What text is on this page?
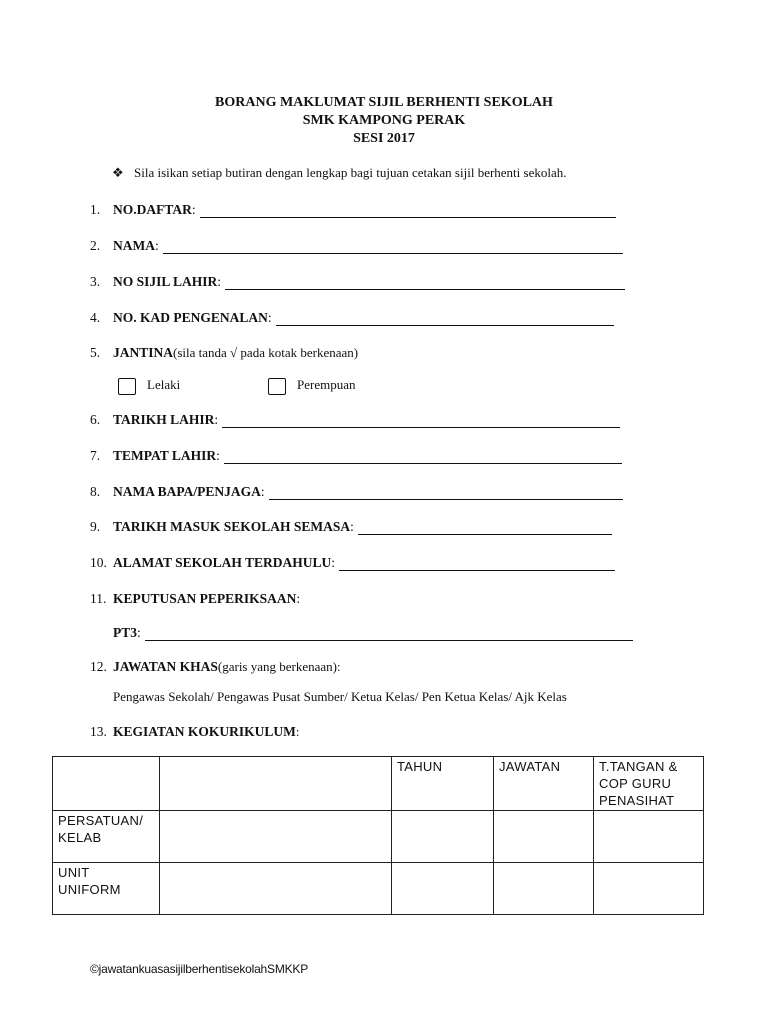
BORANG MAKLUMAT SIJIL BERHENTI SEKOLAH
SMK KAMPONG PERAK
SESI 2017
❖ Sila isikan setiap butiran dengan lengkap bagi tujuan cetakan sijil berhenti sekolah.
1. NO.DAFTAR :
2. NAMA :
3. NO SIJIL LAHIR :
4. NO. KAD PENGENALAN :
5. JANTINA (sila tanda √ pada kotak berkenaan)
Lelaki	Perempuan
6. TARIKH LAHIR :
7. TEMPAT LAHIR :
8. NAMA BAPA/PENJAGA :
9. TARIKH MASUK SEKOLAH SEMASA :
10. ALAMAT SEKOLAH TERDAHULU :
11. KEPUTUSAN PEPERIKSAAN :
PT3 :
12. JAWATAN KHAS (garis yang berkenaan):
Pengawas Sekolah/ Pengawas Pusat Sumber/ Ketua Kelas/ Pen Ketua Kelas/ Ajk Kelas
13. KEGIATAN KOKURIKULUM :
		TAHUN	JAWATAN	T.TANGAN & COP GURU PENASIHAT
PERSATUAN/ KELAB				
UNIT UNIFORM				
©jawatankuasasijilberhentisekolahSMKKP
